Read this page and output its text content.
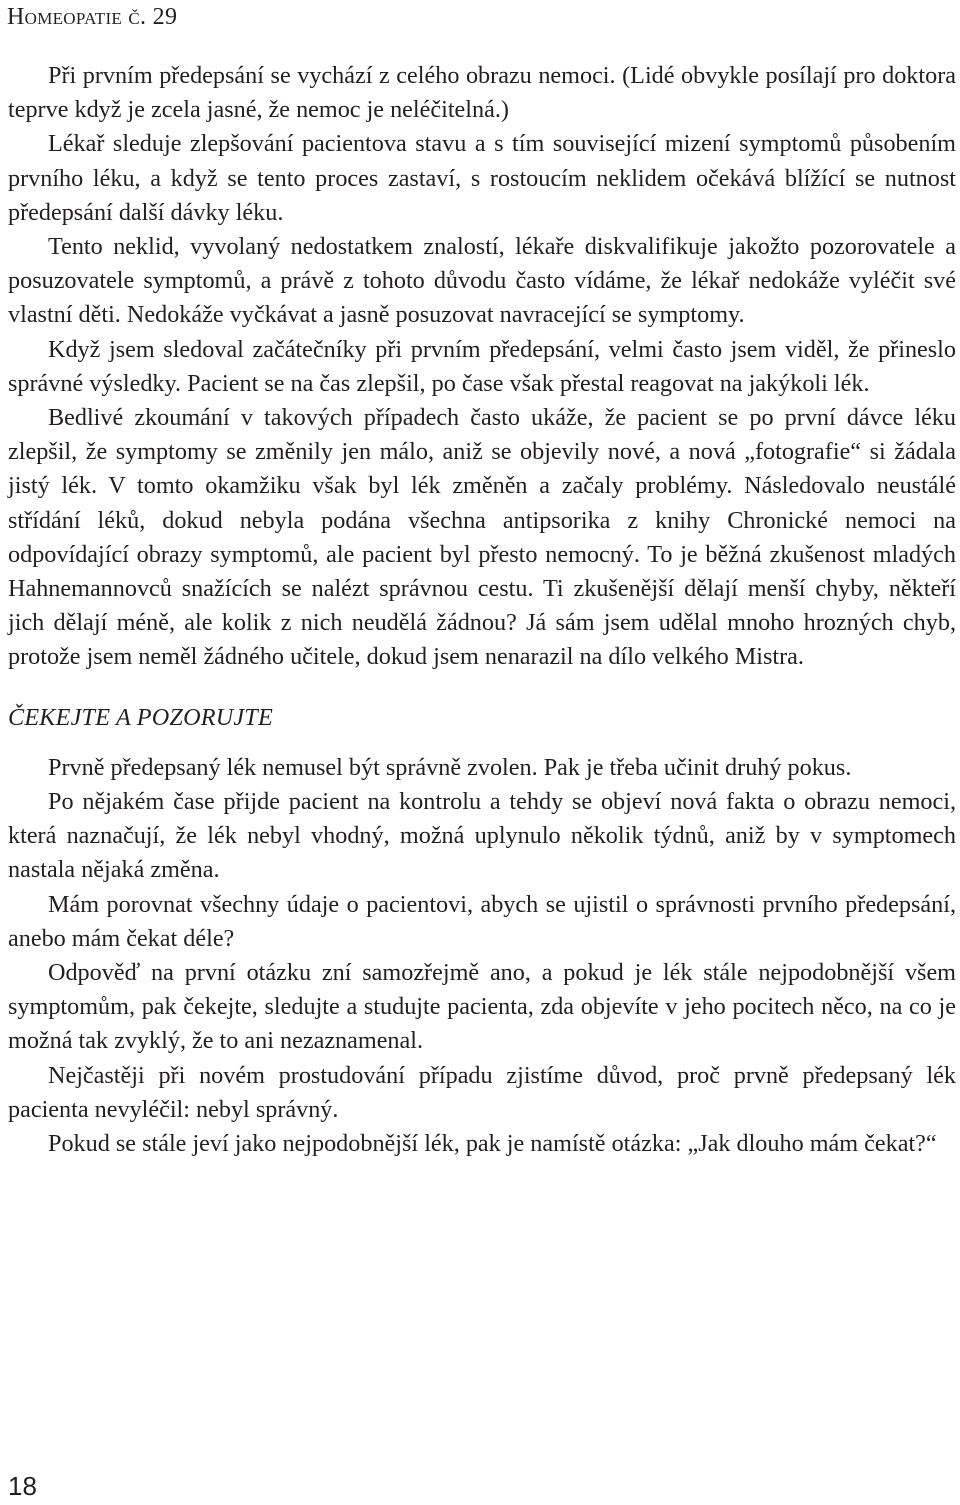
Homeopatie č. 29

Při prvním předepsání se vychází z celého obrazu nemoci. (Lidé obvykle posílají pro doktora teprve když je zcela jasné, že nemoc je neléčitelná.)

Lékař sleduje zlepšování pacientova stavu a s tím související mizení symptomů působením prvního léku, a když se tento proces zastaví, s rostoucím neklidem očekává blížící se nutnost předepsání další dávky léku.

Tento neklid, vyvolaný nedostatkem znalostí, lékaře diskvalifikuje jakožto pozorovatele a posuzovatele symptomů, a právě z tohoto důvodu často vídáme, že lékař nedokáže vyléčit své vlastní děti. Nedokáže vyčkávat a jasně posuzovat navracející se symptomy.

Když jsem sledoval začátečníky při prvním předepsání, velmi často jsem viděl, že přineslo správné výsledky. Pacient se na čas zlepšil, po čase však přestal reagovat na jakýkoli lék.

Bedlivé zkoumání v takových případech často ukáže, že pacient se po první dávce léku zlepšil, že symptomy se změnily jen málo, aniž se objevily nové, a nová „fotografie“ si žádala jistý lék. V tomto okamžiku však byl lék změněn a začaly problémy. Následovalo neustálé střídání léků, dokud nebyla podána všechna antipsorika z knihy Chronické nemoci na odpovídající obrazy symptomů, ale pacient byl přesto nemocný. To je běžná zkušenost mladých Hahnemannovců snažících se nalézt správnou cestu. Ti zkušenější dělají menší chyby, někteří jich dělají méně, ale kolik z nich neudělá žádnou? Já sám jsem udělal mnoho hrozných chyb, protože jsem neměl žádného učitele, dokud jsem nenarazil na dílo velkého Mistra.

ČEKEJTE A POZORUJTE

Prvně předepsaný lék nemusel být správně zvolen. Pak je třeba učinit druhý pokus.

Po nějakém čase přijde pacient na kontrolu a tehdy se objeví nová fakta o obrazu nemoci, která naznačují, že lék nebyl vhodný, možná uplynulo několik týdnů, aniž by v symptomech nastala nějaká změna.

Mám porovnat všechny údaje o pacientovi, abych se ujistil o správnosti prvního předepsání, anebo mám čekat déle?

Odpověď na první otázku zní samozřejmě ano, a pokud je lék stále nejpodobnější všem symptomům, pak čekejte, sledujte a studujte pacienta, zda objevíte v jeho pocitech něco, na co je možná tak zvyklý, že to ani nezaznamenal.

Nejčastěji při novém prostudování případu zjistíme důvod, proč prvně předepsaný lék pacienta nevyléčil: nebyl správný.

Pokud se stále jeví jako nejpodobnější lék, pak je namístě otázka: „Jak dlouho mám čekat?“

18
